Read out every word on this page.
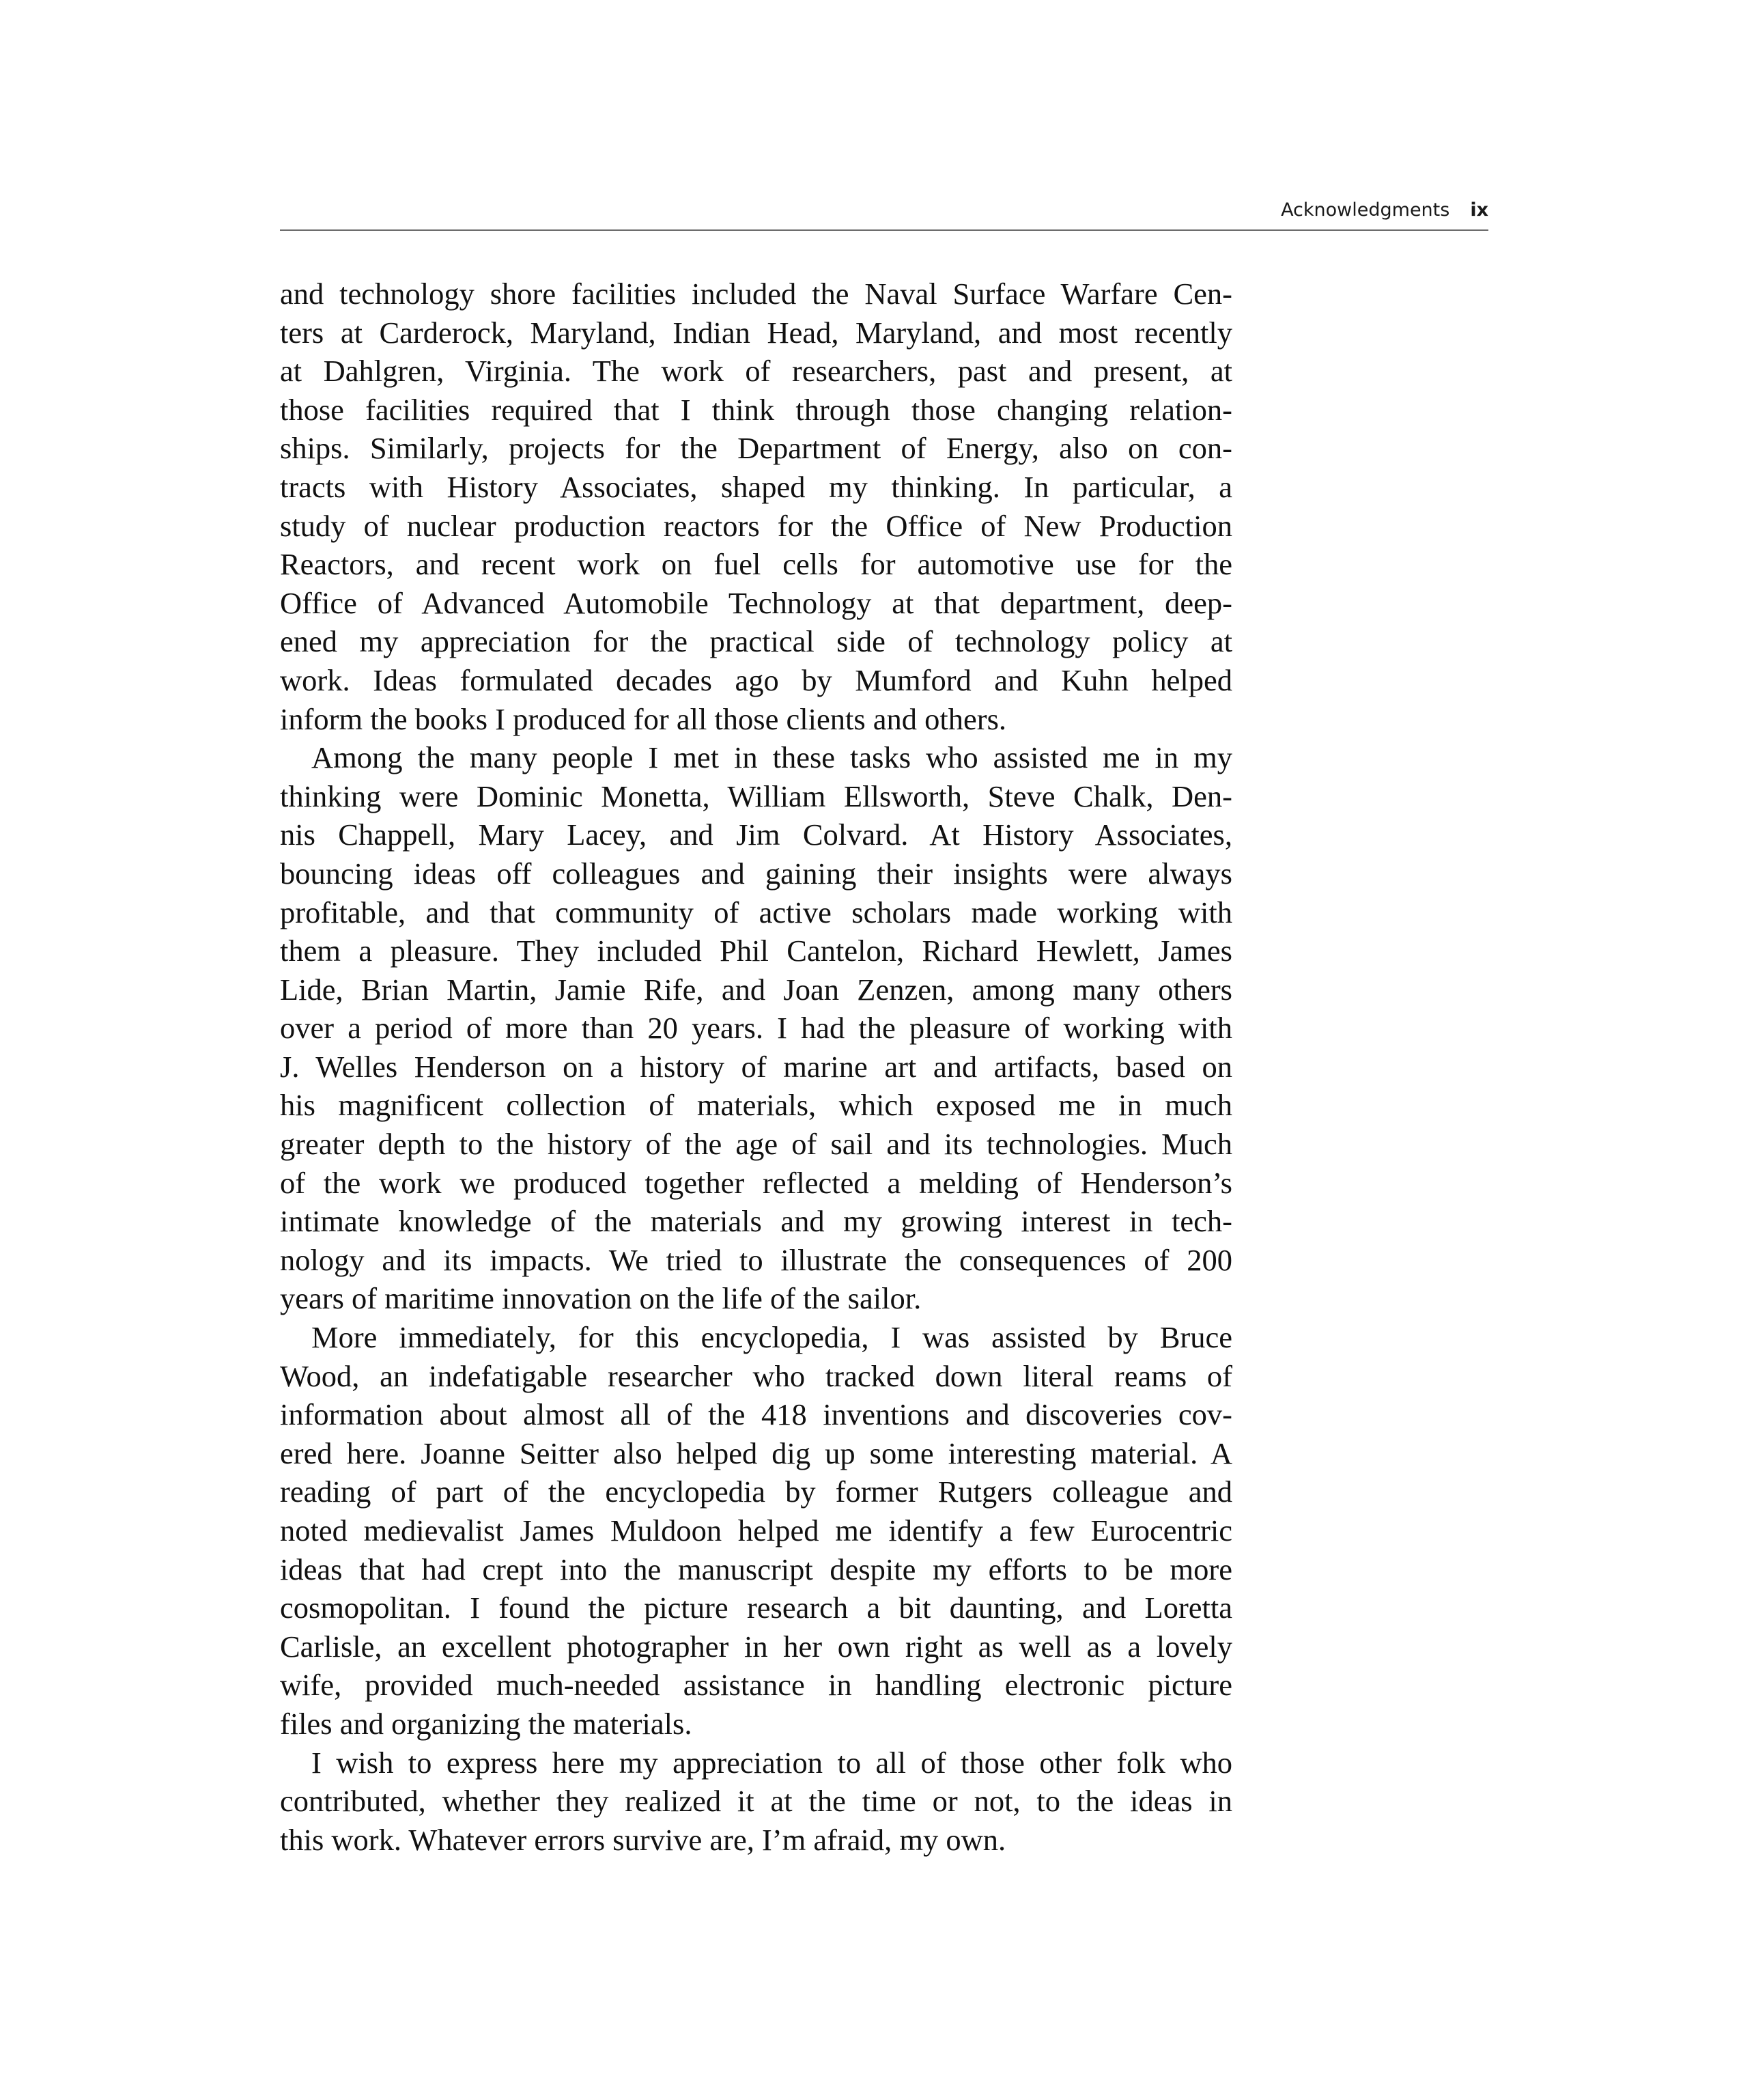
Acknowledgments ix
and technology shore facilities included the Naval Surface Warfare Cen-
ters at Carderock, Maryland, Indian Head, Maryland, and most recently
at Dahlgren, Virginia. The work of researchers, past and present, at
those facilities required that I think through those changing relation-
ships. Similarly, projects for the Department of Energy, also on con-
tracts with History Associates, shaped my thinking. In particular, a
study of nuclear production reactors for the Office of New Production
Reactors, and recent work on fuel cells for automotive use for the
Office of Advanced Automobile Technology at that department, deep-
ened my appreciation for the practical side of technology policy at
work. Ideas formulated decades ago by Mumford and Kuhn helped
inform the books I produced for all those clients and others.
Among the many people I met in these tasks who assisted me in my
thinking were Dominic Monetta, William Ellsworth, Steve Chalk, Den-
nis Chappell, Mary Lacey, and Jim Colvard. At History Associates,
bouncing ideas off colleagues and gaining their insights were always
profitable, and that community of active scholars made working with
them a pleasure. They included Phil Cantelon, Richard Hewlett, James
Lide, Brian Martin, Jamie Rife, and Joan Zenzen, among many others
over a period of more than 20 years. I had the pleasure of working with
J. Welles Henderson on a history of marine art and artifacts, based on
his magnificent collection of materials, which exposed me in much
greater depth to the history of the age of sail and its technologies. Much
of the work we produced together reflected a melding of Henderson’s
intimate knowledge of the materials and my growing interest in tech-
nology and its impacts. We tried to illustrate the consequences of 200
years of maritime innovation on the life of the sailor.
More immediately, for this encyclopedia, I was assisted by Bruce
Wood, an indefatigable researcher who tracked down literal reams of
information about almost all of the 418 inventions and discoveries cov-
ered here. Joanne Seitter also helped dig up some interesting material. A
reading of part of the encyclopedia by former Rutgers colleague and
noted medievalist James Muldoon helped me identify a few Eurocentric
ideas that had crept into the manuscript despite my efforts to be more
cosmopolitan. I found the picture research a bit daunting, and Loretta
Carlisle, an excellent photographer in her own right as well as a lovely
wife, provided much-needed assistance in handling electronic picture
files and organizing the materials.
I wish to express here my appreciation to all of those other folk who
contributed, whether they realized it at the time or not, to the ideas in
this work. Whatever errors survive are, I’m afraid, my own.
